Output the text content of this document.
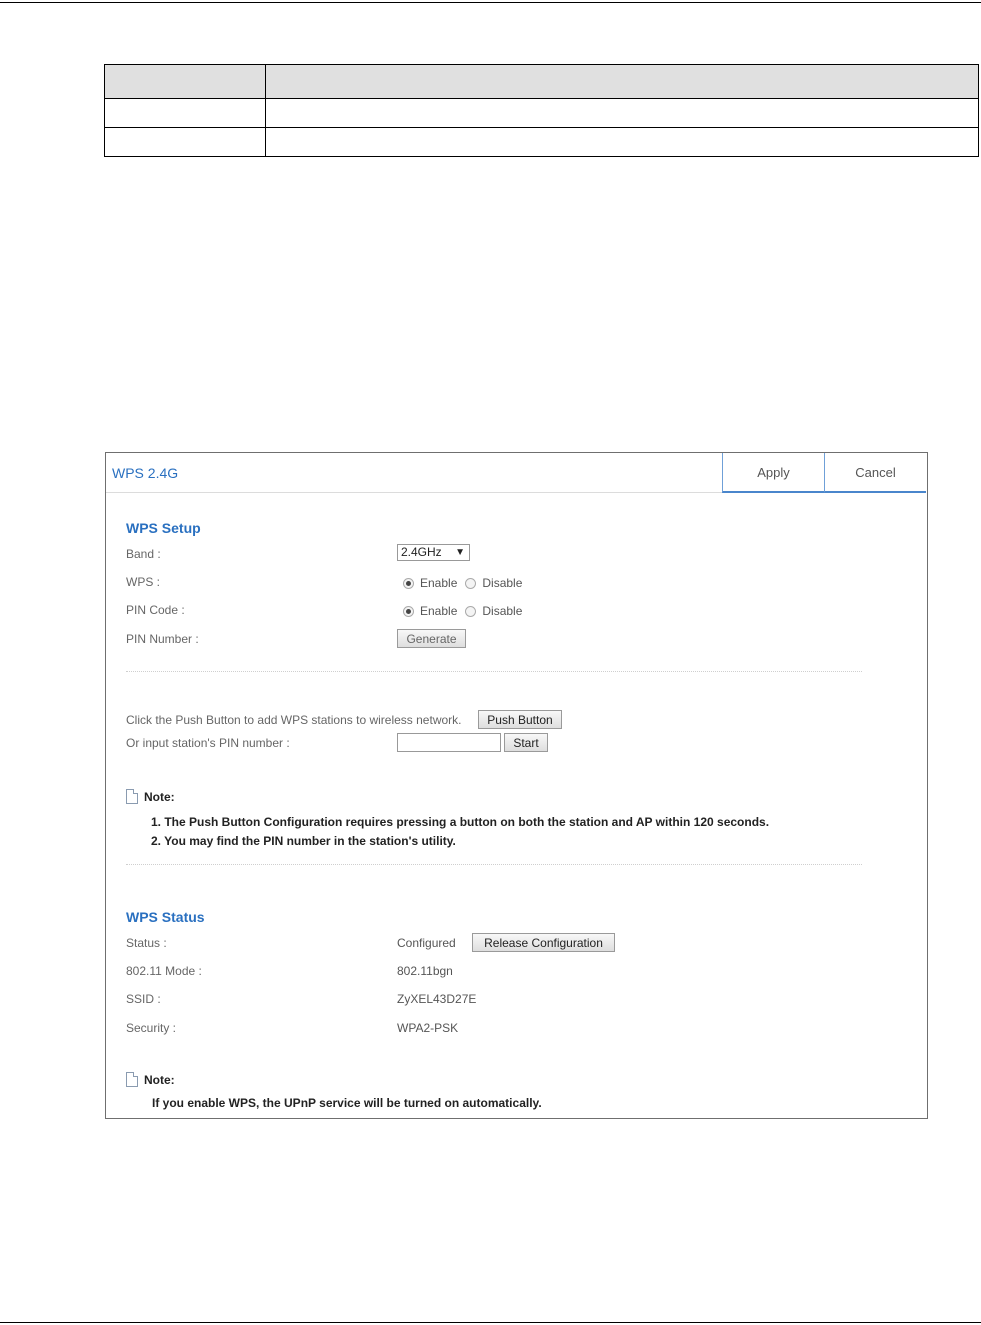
WPS 2.4G	Apply	Cancel
WPS Setup
Band :	2.4GHz ▼
WPS :	Enable Disable
PIN Code :	Enable Disable
PIN Number :	Generate
Click the Push Button to add WPS stations to wireless network.	Push Button
Or input station's PIN number :	Start
Note:
1. The Push Button Configuration requires pressing a button on both the station and AP within 120 seconds.
2. You may find the PIN number in the station's utility.
WPS Status
Status :	Configured	Release Configuration
802.11 Mode :	802.11bgn
SSID :	ZyXEL43D27E
Security :	WPA2-PSK
Note:
If you enable WPS, the UPnP service will be turned on automatically.
